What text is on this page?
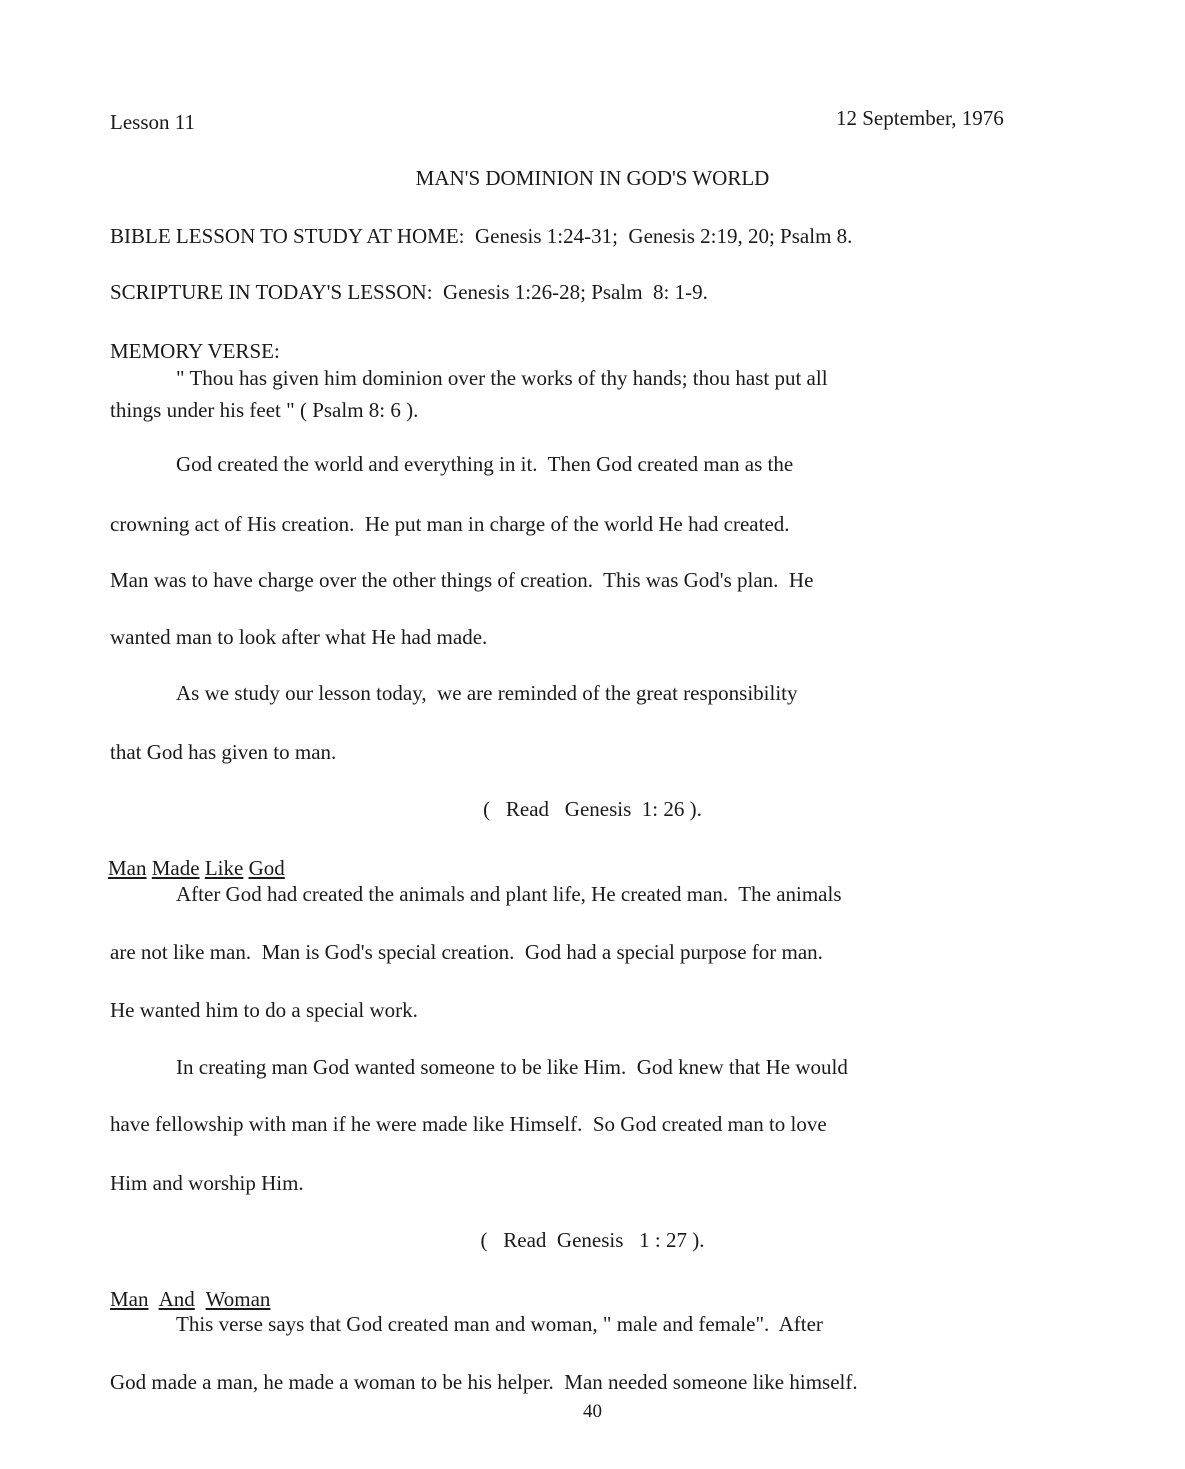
Lesson 11	12 September, 1976
MAN'S DOMINION IN GOD'S WORLD
BIBLE LESSON TO STUDY AT HOME:  Genesis 1:24-31;  Genesis 2:19, 20; Psalm 8.
SCRIPTURE IN TODAY'S LESSON:  Genesis 1:26-28; Psalm  8: 1-9.
MEMORY VERSE:
" Thou has given him dominion over the works of thy hands; thou hast put all
things under his feet " ( Psalm 8: 6 ).
God created the world and everything in it.  Then God created man as the
crowning act of His creation.  He put man in charge of the world He had created.
Man was to have charge over the other things of creation.  This was God's plan.  He
wanted man to look after what He had made.
As we study our lesson today,  we are reminded of the great responsibility
that God has given to man.
(   Read   Genesis  1: 26 ).
Man Made Like God
After God had created the animals and plant life, He created man.  The animals
are not like man.  Man is God's special creation.  God had a special purpose for man.
He wanted him to do a special work.
In creating man God wanted someone to be like Him.  God knew that He would
have fellowship with man if he were made like Himself.  So God created man to love
Him and worship Him.
(   Read  Genesis   1 : 27 ).
Man And Woman
This verse says that God created man and woman, " male and female".  After
God made a man, he made a woman to be his helper.  Man needed someone like himself.
40
